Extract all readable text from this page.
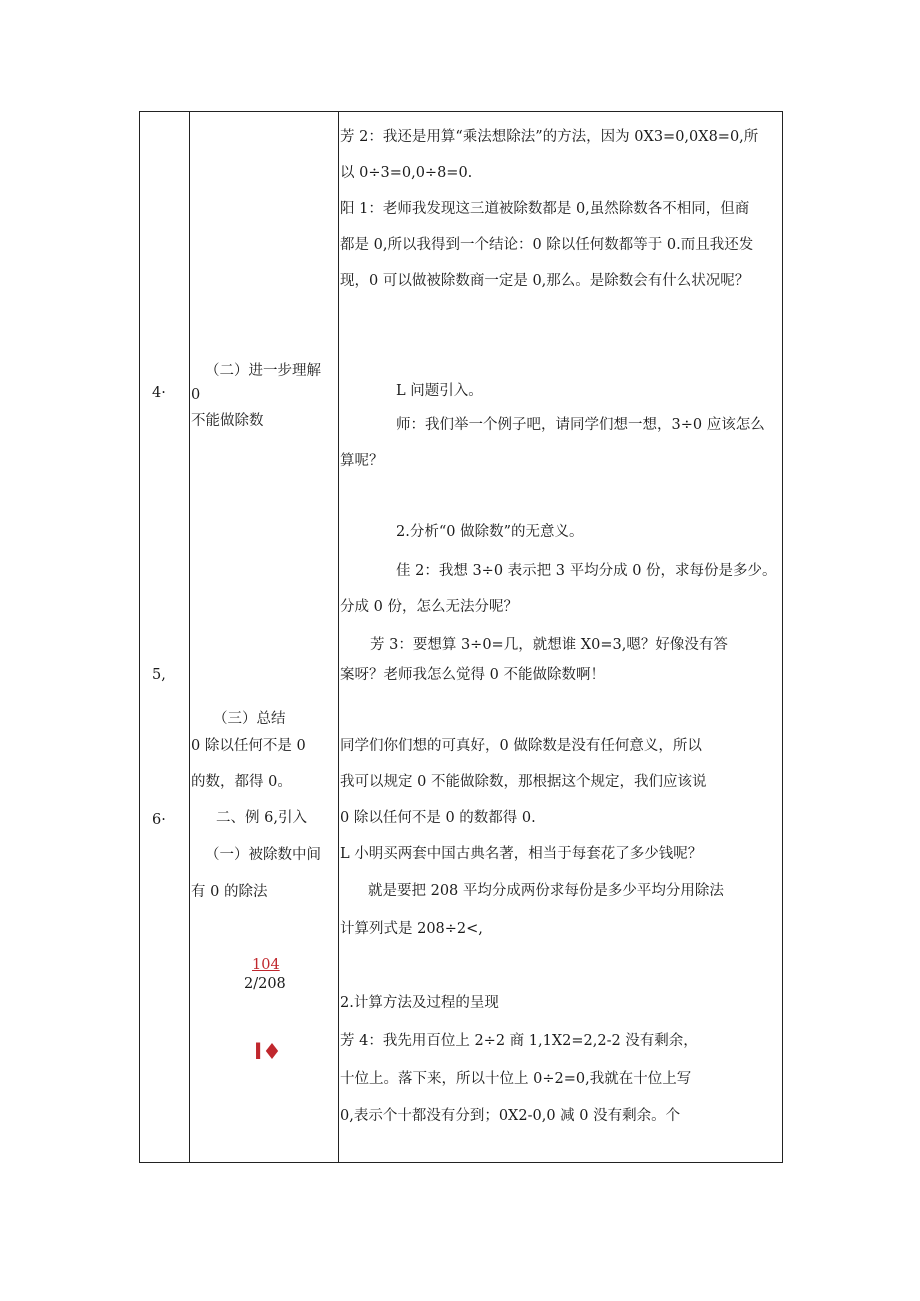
4·
5,
6·
（二）进一步理解
0
不能做除数
（三）总结
0 除以任何不是 0
的数，都得 0。
二、例 6,引入
（一）被除数中间
有 0 的除法
104
2/208
I♦
芳 2：我还是用算“乘法想除法”的方法，因为 0X3=0,0X8=0,所
以 0÷3=0,0÷8=0.
阳 1：老师我发现这三道被除数都是 0,虽然除数各不相同，但商
都是 0,所以我得到一个结论：0 除以任何数都等于 0.而且我还发
现，0 可以做被除数商一定是 0,那么。是除数会有什么状况呢？
L 问题引入。
师：我们举一个例子吧，请同学们想一想，3÷0 应该怎么
算呢？
2.分析“0 做除数”的无意义。
佳 2：我想 3÷0 表示把 3 平均分成 0 份，求每份是多少。
分成 0 份，怎么无法分呢？
芳 3：要想算 3÷0=几，就想谁 X0=3,嗯？好像没有答
案呀？老师我怎么觉得 0 不能做除数啊！
同学们你们想的可真好，0 做除数是没有任何意义，所以
我可以规定 0 不能做除数，那根据这个规定，我们应该说
0 除以任何不是 0 的数都得 0.
L 小明买两套中国古典名著，相当于每套花了多少钱呢？
就是要把 208 平均分成两份求每份是多少平均分用除法
计算列式是 208÷2<,
2.计算方法及过程的呈现
芳 4：我先用百位上 2÷2 商 1,1X2=2,2-2 没有剩余，
十位上。落下来，所以十位上 0÷2=0,我就在十位上写
0,表示个十都没有分到；0X2-0,0 减 0 没有剩余。个
